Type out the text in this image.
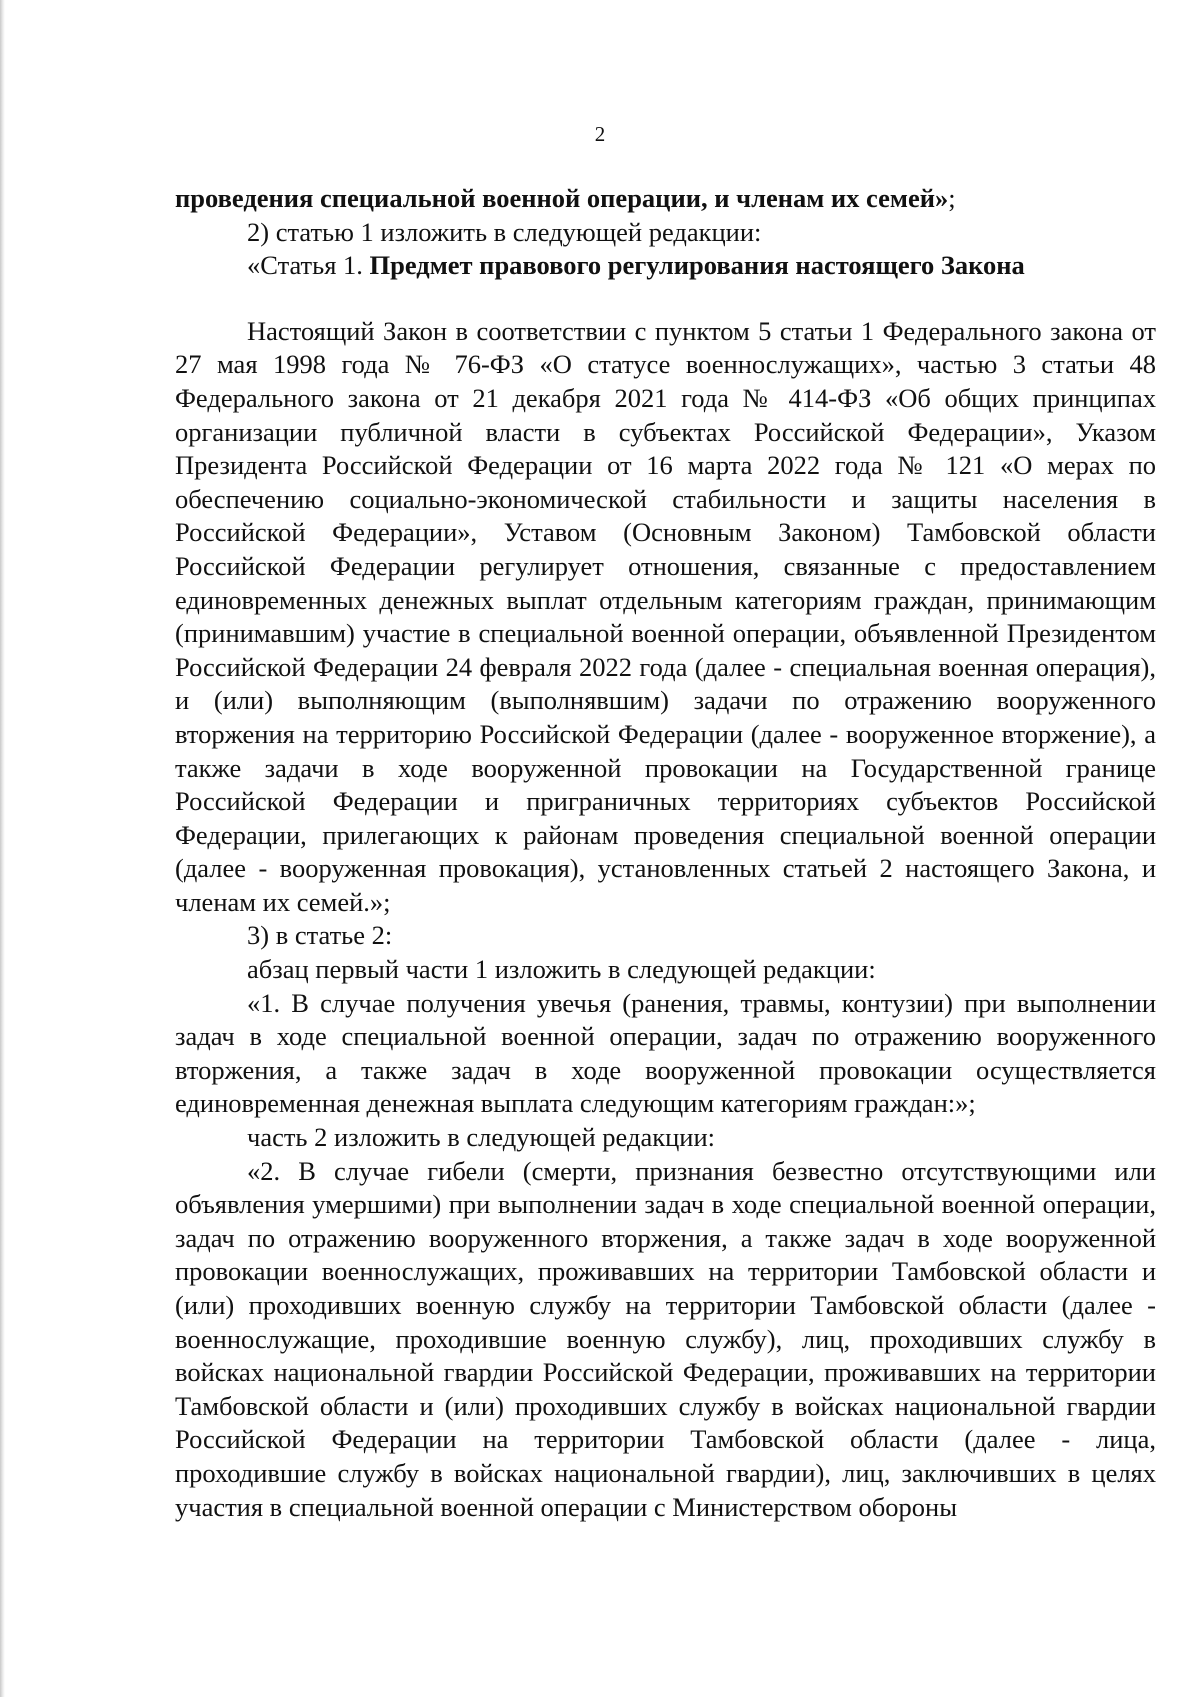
2

проведения специальной военной операции, и членам их семей»;

2) статью 1 изложить в следующей редакции:

«Статья 1. Предмет правового регулирования настоящего Закона

Настоящий Закон в соответствии с пунктом 5 статьи 1 Федерального закона от 27 мая 1998 года № 76-ФЗ «О статусе военнослужащих», частью 3 статьи 48 Федерального закона от 21 декабря 2021 года № 414-ФЗ «Об общих принципах организации публичной власти в субъектах Российской Федерации», Указом Президента Российской Федерации от 16 марта 2022 года № 121 «О мерах по обеспечению социально-экономической стабильности и защиты населения в Российской Федерации», Уставом (Основным Законом) Тамбовской области Российской Федерации регулирует отношения, связанные с предоставлением единовременных денежных выплат отдельным категориям граждан, принимающим (принимавшим) участие в специальной военной операции, объявленной Президентом Российской Федерации 24 февраля 2022 года (далее - специальная военная операция), и (или) выполняющим (выполнявшим) задачи по отражению вооруженного вторжения на территорию Российской Федерации (далее - вооруженное вторжение), а также задачи в ходе вооруженной провокации на Государственной границе Российской Федерации и приграничных территориях субъектов Российской Федерации, прилегающих к районам проведения специальной военной операции (далее - вооруженная провокация), установленных статьей 2 настоящего Закона, и членам их семей.»;

3) в статье 2:

абзац первый части 1 изложить в следующей редакции:

«1. В случае получения увечья (ранения, травмы, контузии) при выполнении задач в ходе специальной военной операции, задач по отражению вооруженного вторжения, а также задач в ходе вооруженной провокации осуществляется единовременная денежная выплата следующим категориям граждан:»;

часть 2 изложить в следующей редакции:

«2. В случае гибели (смерти, признания безвестно отсутствующими или объявления умершими) при выполнении задач в ходе специальной военной операции, задач по отражению вооруженного вторжения, а также задач в ходе вооруженной провокации военнослужащих, проживавших на территории Тамбовской области и (или) проходивших военную службу на территории Тамбовской области (далее - военнослужащие, проходившие военную службу), лиц, проходивших службу в войсках национальной гвардии Российской Федерации, проживавших на территории Тамбовской области и (или) проходивших службу в войсках национальной гвардии Российской Федерации на территории Тамбовской области (далее - лица, проходившие службу в войсках национальной гвардии), лиц, заключивших в целях участия в специальной военной операции с Министерством обороны
